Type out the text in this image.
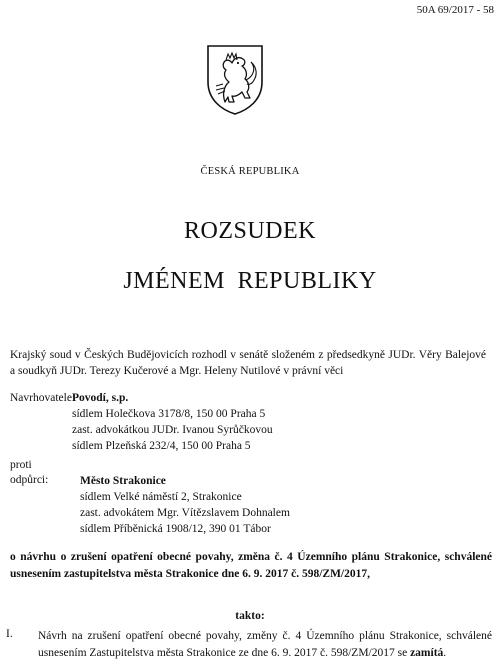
50A 69/2017 - 58
ČESKÁ REPUBLIKA
ROZSUDEK
JMÉNEM REPUBLIKY
Krajský soud v Českých Budějovicích rozhodl v senátě složeném z předsedkyně JUDr. Věry Balejové a soudkyň JUDr. Terezy Kučerové a Mgr. Heleny Nutilové v právní věci
Navrhovatele:
Povodí, s.p.
sídlem Holečkova 3178/8, 150 00 Praha 5
zast. advokátkou JUDr. Ivanou Syrůčkovou
sídlem Plzeňská 232/4, 150 00 Praha 5
proti
odpůrci:	Město Strakonice
sídlem Velké náměstí 2, Strakonice
zast. advokátem Mgr. Vítězslavem Dohnalem
sídlem Příběnická 1908/12, 390 01 Tábor
o návrhu o zrušení opatření obecné povahy, změna č. 4 Územního plánu Strakonice, schválené usnesením zastupitelstva města Strakonice dne 6. 9. 2017 č. 598/ZM/2017,
takto:
I. Návrh na zrušení opatření obecné povahy, změny č. 4 Územního plánu Strakonice, schválené usnesením Zastupitelstva města Strakonice ze dne 6. 9. 2017 č. 598/ZM/2017 se zamítá.
